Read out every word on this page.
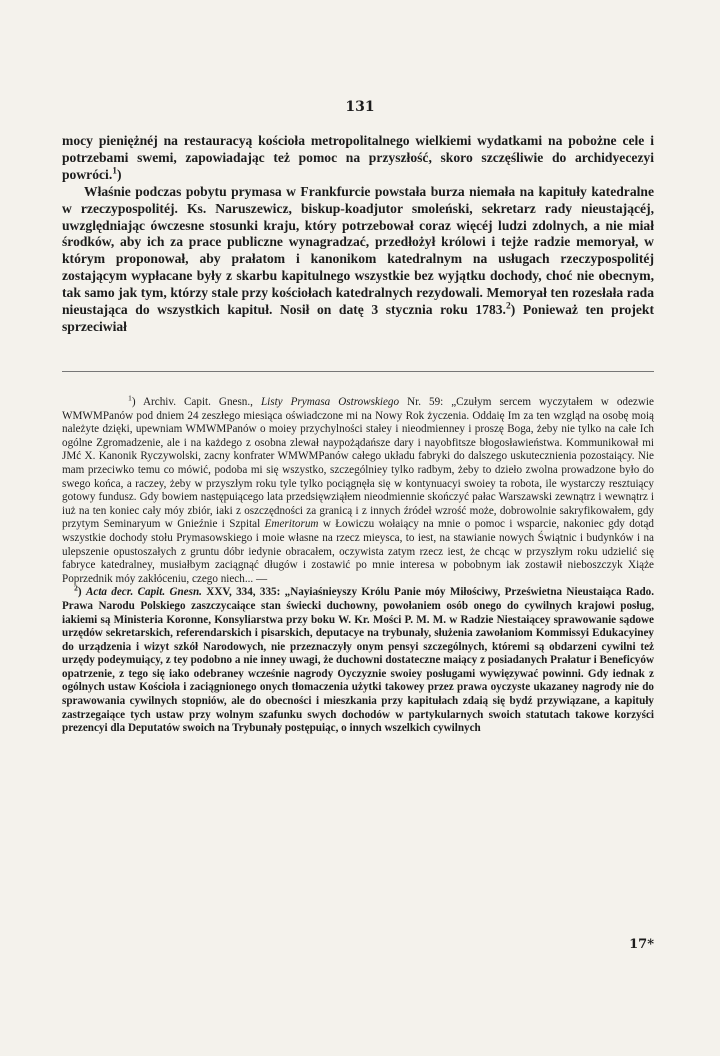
131

mocy pieniężnéj na restauracyą kościoła metropolitalnego wielkiemi wydatkami na pobożne cele i potrzebami swemi, zapowiadając też pomoc na przyszłość, skoro szczęśliwie do archidyecezyi powróci.$^1$)

Właśnie podczas pobytu prymasa w Frankfurcie powstała burza niemała na kapituły katedralne w rzeczypospolitéj. Ks. Naruszewicz, biskup-koadjutor smoleński, sekretarz rady nieustającéj, uwzględniając ówczesne stosunki kraju, który potrzebował coraz więcéj ludzi zdolnych, a nie miał środków, aby ich za prace publiczne wynagradzać, przedłożył królowi i tejże radzie memoryał, w którym proponował, aby prałatom i kanonikom katedralnym na usługach rzeczypospolitéj zostającym wypłacane były z skarbu kapitulnego wszystkie bez wyjątku dochody, choć nie obecnym, tak samo jak tym, którzy stale przy kościołach katedralnych rezydowali. Memoryał ten rozesłała rada nieustająca do wszystkich kapituł. Nosił on datę 3 stycznia roku 1783.$^2$) Ponieważ ten projekt sprzeciwiał

$^1$) Archiv. Capit. Gnesn., Listy Prymasa Ostrowskiego Nr. 59: „Czułym sercem wyczytałem w odezwie WMWMPanów pod dniem 24 zeszłego miesiąca oświadczone mi na Nowy Rok życzenia. Oddaię Im za ten wzgląd na osobę moią należyte dzięki, upewniam WMWMPanów o moiey przychylności stałey i nieodmienney i proszę Boga, żeby nie tylko na całe Ich ogólne Zgromadzenie, ale i na każdego z osobna zlewał naypożądańsze dary i nayobfitsze błogosławieństwa. Kommunikował mi JMć X. Kanonik Ryczywolski, zacny konfrater WMWMPanów całego układu fabryki do dalszego uskutecznienia pozostaiący. Nie mam przeciwko temu co mówić, podoba mi się wszystko, szczególniey tylko radbym, żeby to dzieło zwolna prowadzone było do swego końca, a raczey, żeby w przyszłym roku tyle tylko pociągnęła się w kontynuacyi swoiey ta robota, ile wystarczy resztuiący gotowy fundusz. Gdy bowiem następuiącego lata przedsięwziąłem nieodmiennie skończyć pałac Warszawski zewnątrz i wewnątrz i iuż na ten koniec cały móy zbiór, iaki z oszczędności za granicą i z innych źródeł wzrość może, dobrowolnie sakryfikowałem, gdy przytym Seminaryum w Gnieźnie i Szpital Emeritorum w Łowiczu wołaiący na mnie o pomoc i wsparcie, nakoniec gdy dotąd wszystkie dochody stołu Prymasowskiego i moie własne na rzecz mieysca, to iest, na stawianie nowych Świątnic i budynków i na ulepszenie opustoszałych z gruntu dóbr iedynie obracałem, oczywista zatym rzecz iest, że chcąc w przyszłym roku udzielić się fabryce katedralney, musiałbym zaciągnąć długów i zostawić po mnie interesa w pobobnym iak zostawił nieboszczyk Xiąże Poprzednik móy zakłóceniu, czego niech... —

$^2$) Acta decr. Capit. Gnesn. XXV, 334, 335: „Nayiaśnieyszy Królu Panie móy Miłościwy, Prześwietna Nieustaiąca Rado. Prawa Narodu Polskiego zaszczycaiące stan świecki duchowny, powołaniem osób onego do cywilnych krajowi posług, iakiemi są Ministeria Koronne, Konsyliarstwa przy boku W. Kr. Mości P. M. M. w Radzie Niestaiącey sprawowanie sądowe urzędów sekretarskich, referendarskich i pisarskich, deputacye na trybunały, służenia zawołaniom Kommissyi Edukacyiney do urządzenia i wizyt szkół Narodowych, nie przeznaczyły onym pensyi szczególnych, któremi są obdarzeni cywilni też urzędy podeymuiący, z tey podobno a nie inney uwagi, że duchowni dostateczne maiący z posiadanych Prałatur i Beneficyów opatrzenie, z tego się iako odebraney wcześnie nagrody Oyczyznie swoiey posługami wywięzywać powinni. Gdy iednak z ogólnych ustaw Kościoła i zaciągnionego onych tłomaczenia użytki takowey przez prawa oyczyste ukazaney nagrody nie do sprawowania cywilnych stopniów, ale do obecności i mieszkania przy kapitułach zdaią się bydź przywiązane, a kapituły zastrzegaiące tych ustaw przy wolnym szafunku swych dochodów w partykularnych swoich statutach takowe korzyści prezencyi dla Deputatów swoich na Trybunały postępuiąc, o innych wszelkich cywilnych

17*
